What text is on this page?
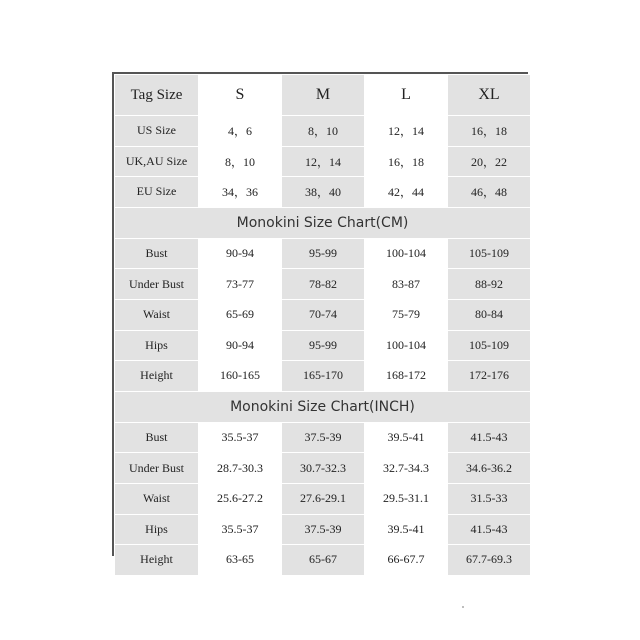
Tag Size	S	M	L	XL
US Size	4，6	8，10	12，14	16，18
UK,AU Size	8，10	12，14	16，18	20，22
EU Size	34，36	38，40	42，44	46，48
Monokini Size Chart(CM)				
Bust	90-94	95-99	100-104	105-109
Under Bust	73-77	78-82	83-87	88-92
Waist	65-69	70-74	75-79	80-84
Hips	90-94	95-99	100-104	105-109
Height	160-165	165-170	168-172	172-176
Monokini Size Chart(INCH)				
Bust	35.5-37	37.5-39	39.5-41	41.5-43
Under Bust	28.7-30.3	30.7-32.3	32.7-34.3	34.6-36.2
Waist	25.6-27.2	27.6-29.1	29.5-31.1	31.5-33
Hips	35.5-37	37.5-39	39.5-41	41.5-43
Height	63-65	65-67	66-67.7	67.7-69.3
